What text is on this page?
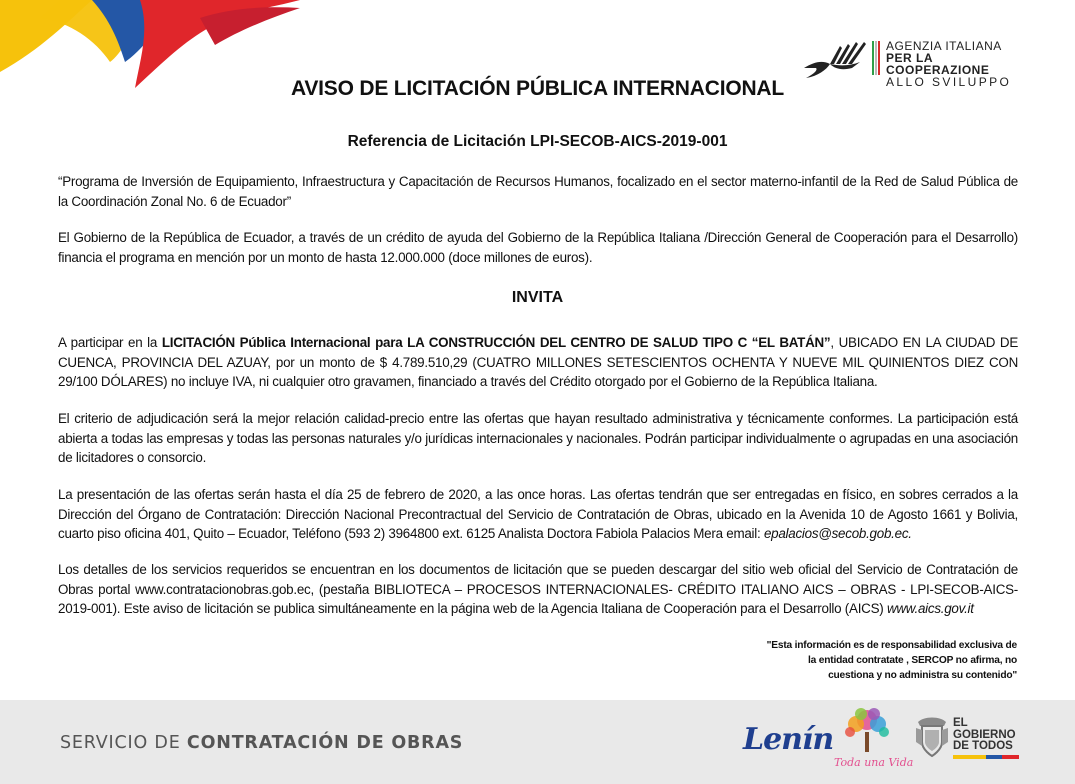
AGENZIA ITALIANA
PER LA COOPERAZIONE
ALLO SVILUPPO
AVISO DE LICITACIÓN PÚBLICA INTERNACIONAL
Referencia de Licitación LPI-SECOB-AICS-2019-001
“Programa de Inversión de Equipamiento, Infraestructura y Capacitación de Recursos Humanos, focalizado en el sector materno-infantil de la Red de Salud Pública de la Coordinación Zonal No. 6 de Ecuador”
El Gobierno de la República de Ecuador, a través de un crédito de ayuda del Gobierno de la República Italiana /Dirección General de Cooperación para el Desarrollo) financia el programa en mención por un monto de hasta 12.000.000 (doce millones de euros).
INVITA
A participar en la LICITACIÓN Pública Internacional para LA CONSTRUCCIÓN DEL CENTRO DE SALUD TIPO C “EL BATÁN”, UBICADO EN LA CIUDAD DE CUENCA, PROVINCIA DEL AZUAY, por un monto de $ 4.789.510,29 (CUATRO MILLONES SETESCIENTOS OCHENTA Y NUEVE MIL QUINIENTOS DIEZ CON 29/100 DÓLARES) no incluye IVA, ni cualquier otro gravamen, financiado a través del Crédito otorgado por el Gobierno de la República Italiana.
El criterio de adjudicación será la mejor relación calidad-precio entre las ofertas que hayan resultado administrativa y técnicamente conformes. La participación está abierta a todas las empresas y todas las personas naturales y/o jurídicas internacionales y nacionales. Podrán participar individualmente o agrupadas en una asociación de licitadores o consorcio.
La presentación de las ofertas serán hasta el día 25 de febrero de 2020, a las once horas. Las ofertas tendrán que ser entregadas en físico, en sobres cerrados a la Dirección del Órgano de Contratación: Dirección Nacional Precontractual del Servicio de Contratación de Obras, ubicado en la Avenida 10 de Agosto 1661 y Bolivia, cuarto piso oficina 401, Quito – Ecuador, Teléfono (593 2) 3964800 ext. 6125 Analista Doctora Fabiola Palacios Mera email: epalacios@secob.gob.ec.
Los detalles de los servicios requeridos se encuentran en los documentos de licitación que se pueden descargar del sitio web oficial del Servicio de Contratación de Obras portal www.contratacionobras.gob.ec, (pestaña BIBLIOTECA – PROCESOS INTERNACIONALES- CRÉDITO ITALIANO AICS – OBRAS - LPI-SECOB-AICS-2019-001). Este aviso de licitación se publica simultáneamente en la página web de la Agencia Italiana de Cooperación para el Desarrollo (AICS) www.aics.gov.it
"Esta información es de responsabilidad exclusiva de
la entidad contratate , SERCOP no afirma, no
cuestiona y no administra su contenido"
SERVICIO DE CONTRATACIÓN DE OBRAS	Lenín
Toda una Vida
EL
GOBIERNO
DE TODOS
